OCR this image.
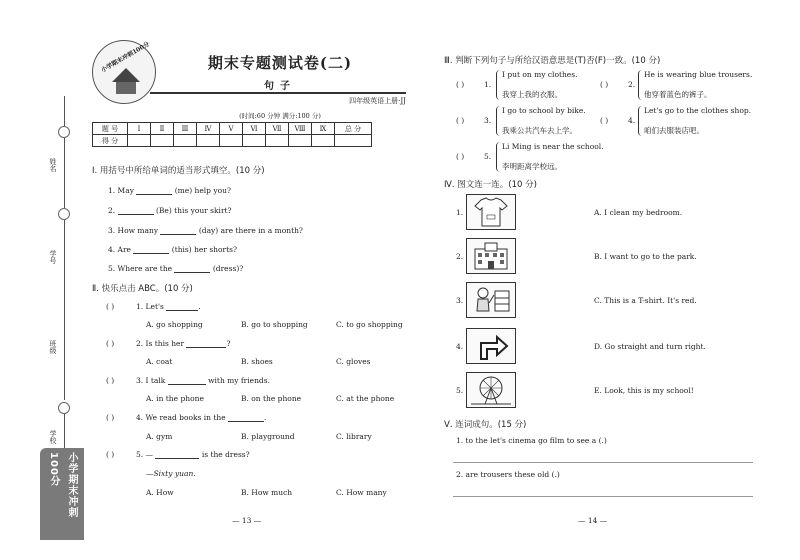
姓名
学号
班级
学校
小学期末冲刺100分
小学期末冲刺100分	期末专题测试卷(二)
句子
四年级英语上册·JJ
(时间:60 分钟 满分:100 分)
题 号	Ⅰ	Ⅱ	Ⅲ	Ⅳ	Ⅴ	Ⅵ	Ⅶ	Ⅷ	Ⅸ	总 分
得 分										
Ⅰ. 用括号中所给单词的适当形式填空。(10 分)
1. May	(me) help you?
2.	(Be) this your skirt?
3. How many	(day) are there in a month?
4. Are	(this) her shorts?
5. Where are the	(dress)?
Ⅱ. 快乐点击 ABC。(10 分)
( )	1. Let's	.
A. go shopping	B. go to shopping	C. to go shopping
( )	2. Is this her	?
A. coat	B. shoes	C. gloves
( )	3. I talk	with my friends.
A. in the phone	B. on the phone	C. at the phone
( )	4. We read books in the	.
A. gym	B. playground	C. library
( )	5. —	is the dress?
—Sixty yuan.
A. How	B. How much	C. How many
— 13 —
Ⅲ. 判断下列句子与所给汉语意思是(T)否(F)一致。(10 分)
( )	1.
I put on my clothes.
我穿上我的衣服。
( )	2.
He is wearing blue trousers.
他穿着蓝色的裤子。
( )	3.
I go to school by bike.
我乘公共汽车去上学。
( )	4.
Let's go to the clothes shop.
咱们去服装店吧。
( )	5.
Li Ming is near the school.
李明距离学校远。
Ⅳ. 图文连一连。(10 分)
1.	A. I clean my bedroom.
2.	B. I want to go to the park.
3.	C. This is a T-shirt. It's red.
4.	D. Go straight and turn right.
5.	E. Look, this is my school!
Ⅴ. 连词成句。(15 分)
1. to the let's cinema go film to see a (.)
2. are trousers these old (.)
— 14 —
